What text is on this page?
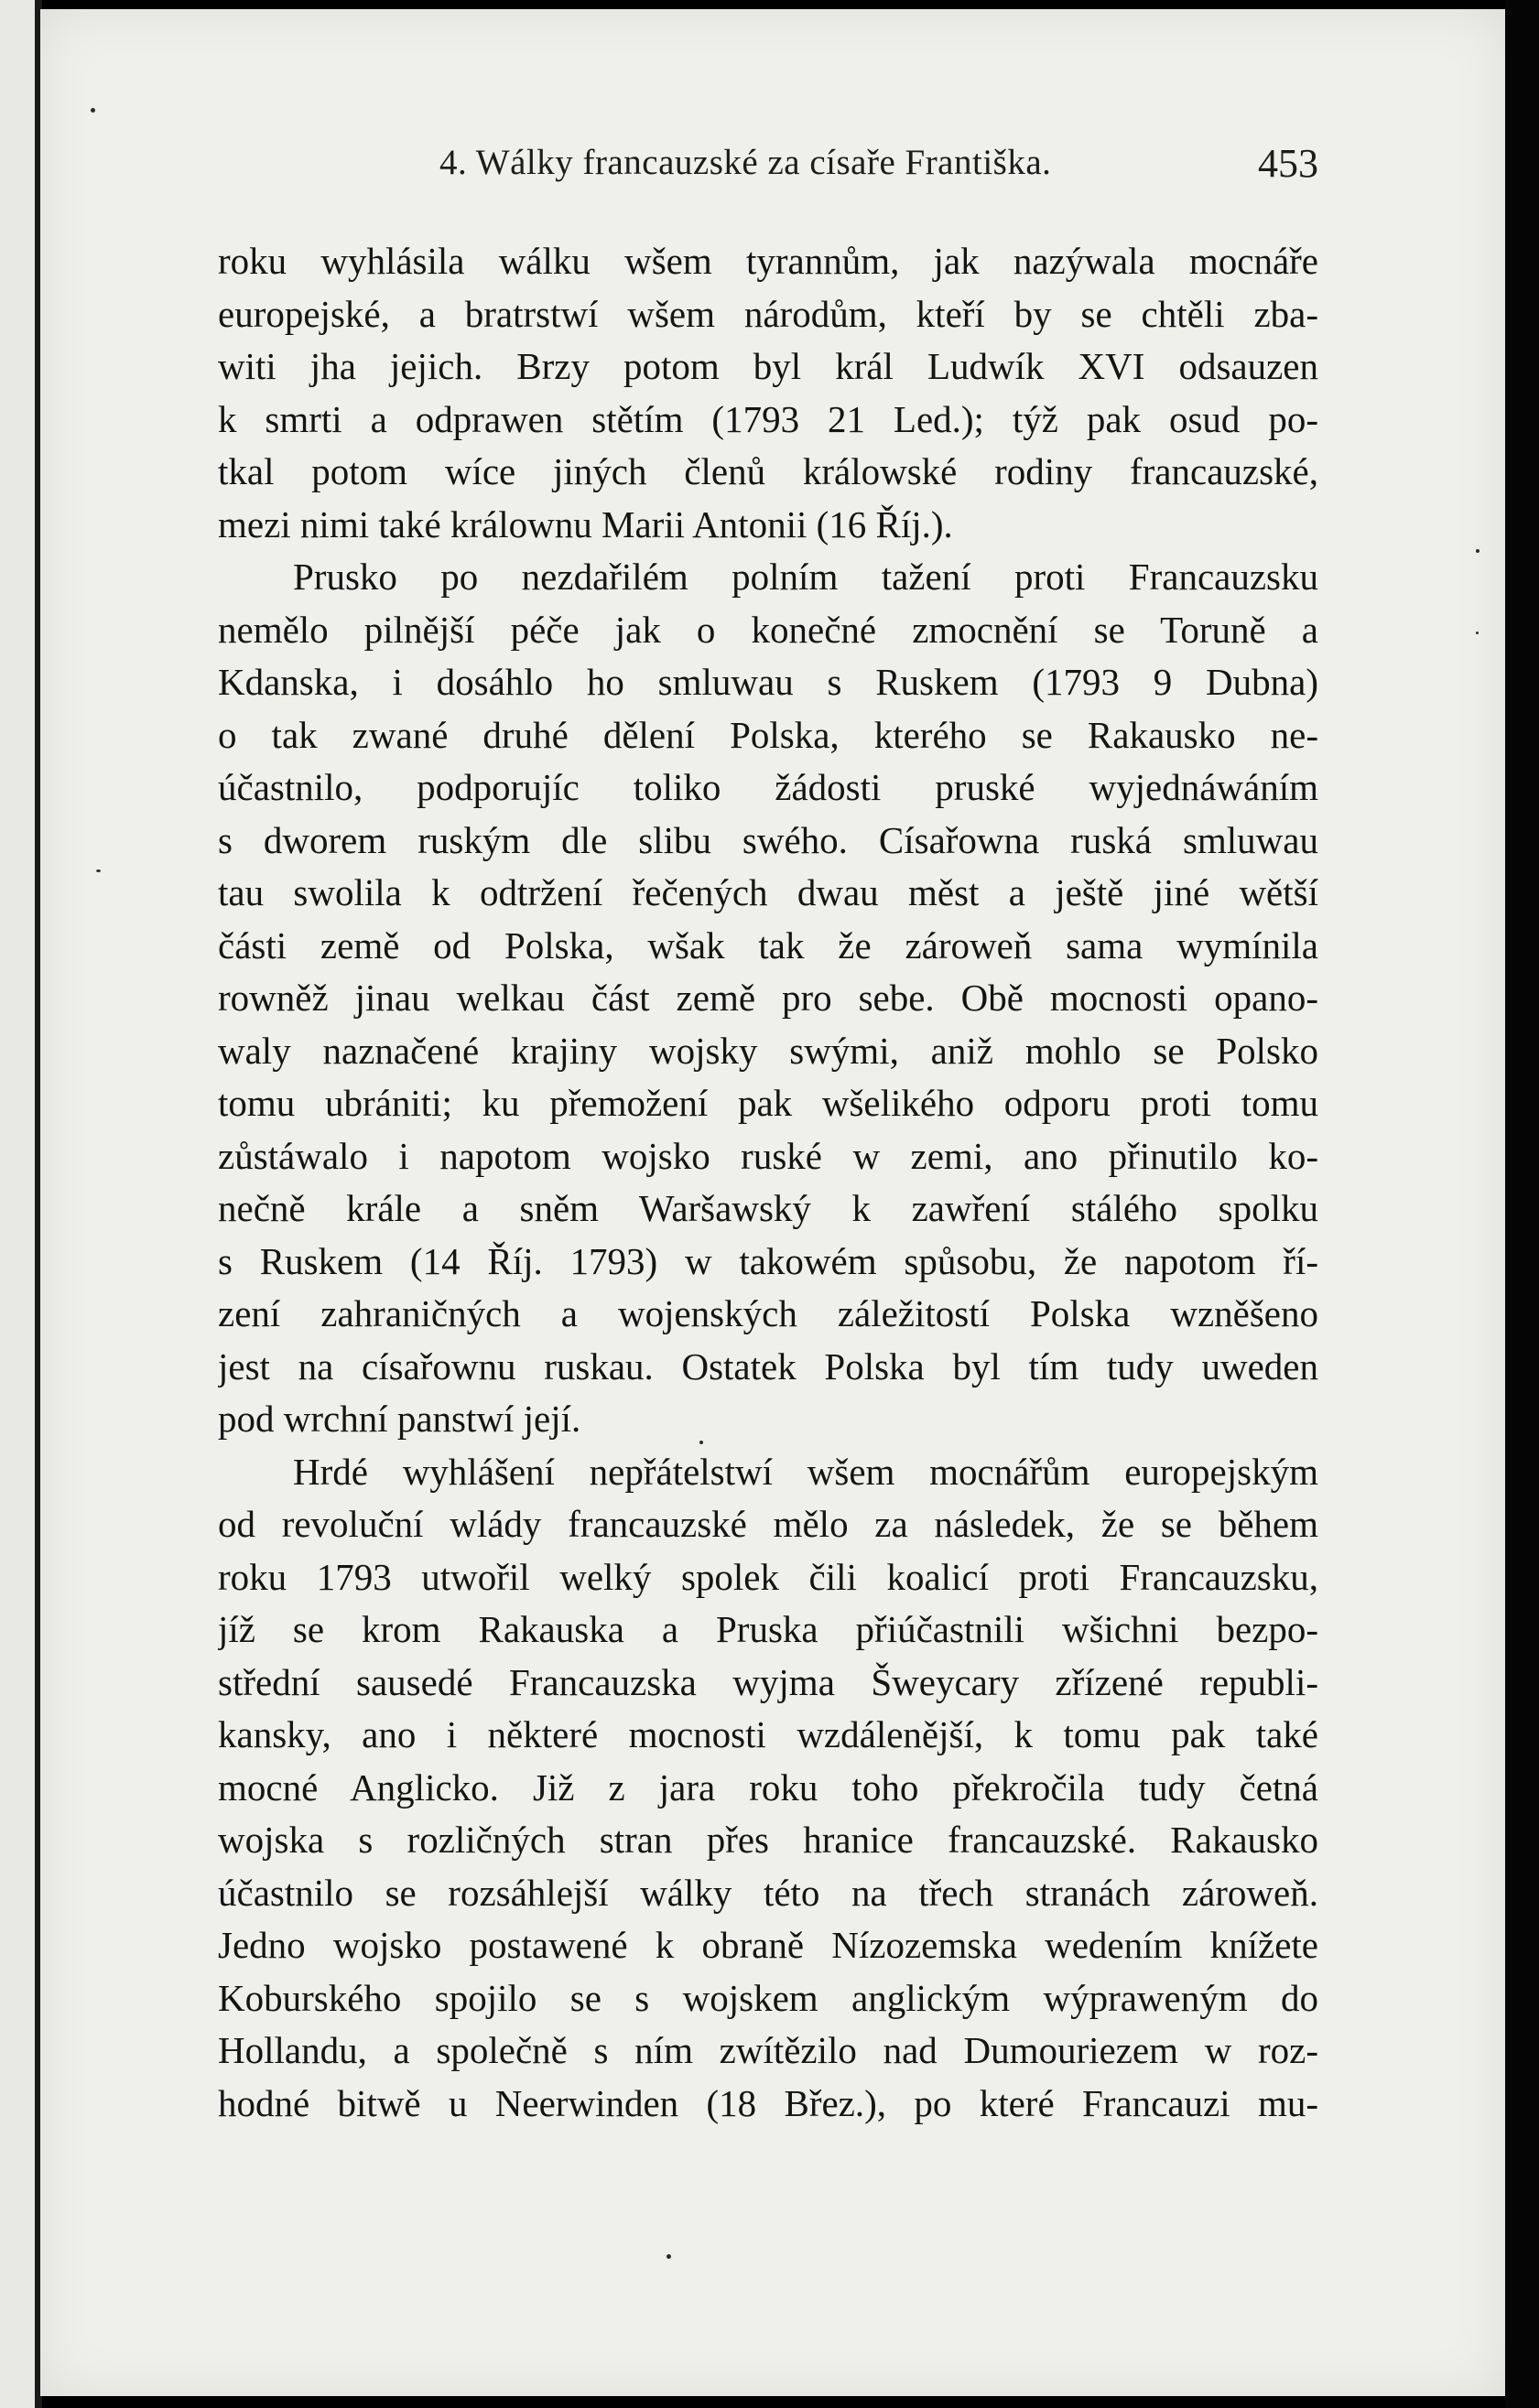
4. Wálky francauzské za císaře Františka.	453
roku wyhlásila wálku wšem tyrannům, jak nazýwala mocnáře
europejské, a bratrstwí wšem národům, kteří by se chtěli zba-
witi jha jejich. Brzy potom byl král Ludwík XVI odsauzen
k smrti a odprawen stětím (1793 21 Led.); týž pak osud po-
tkal potom wíce jiných členů králowské rodiny francauzské,
mezi nimi také králownu Marii Antonii (16 Říj.).
Prusko po nezdařilém polním tažení proti Francauzsku
nemělo pilnější péče jak o konečné zmocnění se Toruně a
Kdanska, i dosáhlo ho smluwau s Ruskem (1793 9 Dubna)
o tak zwané druhé dělení Polska, kterého se Rakausko ne-
účastnilo, podporujíc toliko žádosti pruské wyjednáwáním
s dworem ruským dle slibu swého. Císařowna ruská smluwau
tau swolila k odtržení řečených dwau měst a ještě jiné wětší
části země od Polska, wšak tak že zároweň sama wymínila
rowněž jinau welkau část země pro sebe. Obě mocnosti opano-
waly naznačené krajiny wojsky swými, aniž mohlo se Polsko
tomu ubrániti; ku přemožení pak wšelikého odporu proti tomu
zůstáwalo i napotom wojsko ruské w zemi, ano přinutilo ko-
nečně krále a sněm Waršawský k zawření stálého spolku
s Ruskem (14 Říj. 1793) w takowém spůsobu, že napotom ří-
zení zahraničných a wojenských záležitostí Polska wzněšeno
jest na císařownu ruskau. Ostatek Polska byl tím tudy uweden
pod wrchní panstwí její.
Hrdé wyhlášení nepřátelstwí wšem mocnářům europejským
od revoluční wlády francauzské mělo za následek, že se během
roku 1793 utwořil welký spolek čili koalicí proti Francauzsku,
jíž se krom Rakauska a Pruska přiúčastnili wšichni bezpo-
střední sausedé Francauzska wyjma Šweycary zřízené republi-
kansky, ano i některé mocnosti wzdálenější, k tomu pak také
mocné Anglicko. Již z jara roku toho překročila tudy četná
wojska s rozličných stran přes hranice francauzské. Rakausko
účastnilo se rozsáhlejší wálky této na třech stranách zároweň.
Jedno wojsko postawené k obraně Nízozemska wedením knížete
Koburského spojilo se s wojskem anglickým wýpraweným do
Hollandu, a společně s ním zwítězilo nad Dumouriezem w roz-
hodné bitwě u Neerwinden (18 Břez.), po které Francauzi mu-
